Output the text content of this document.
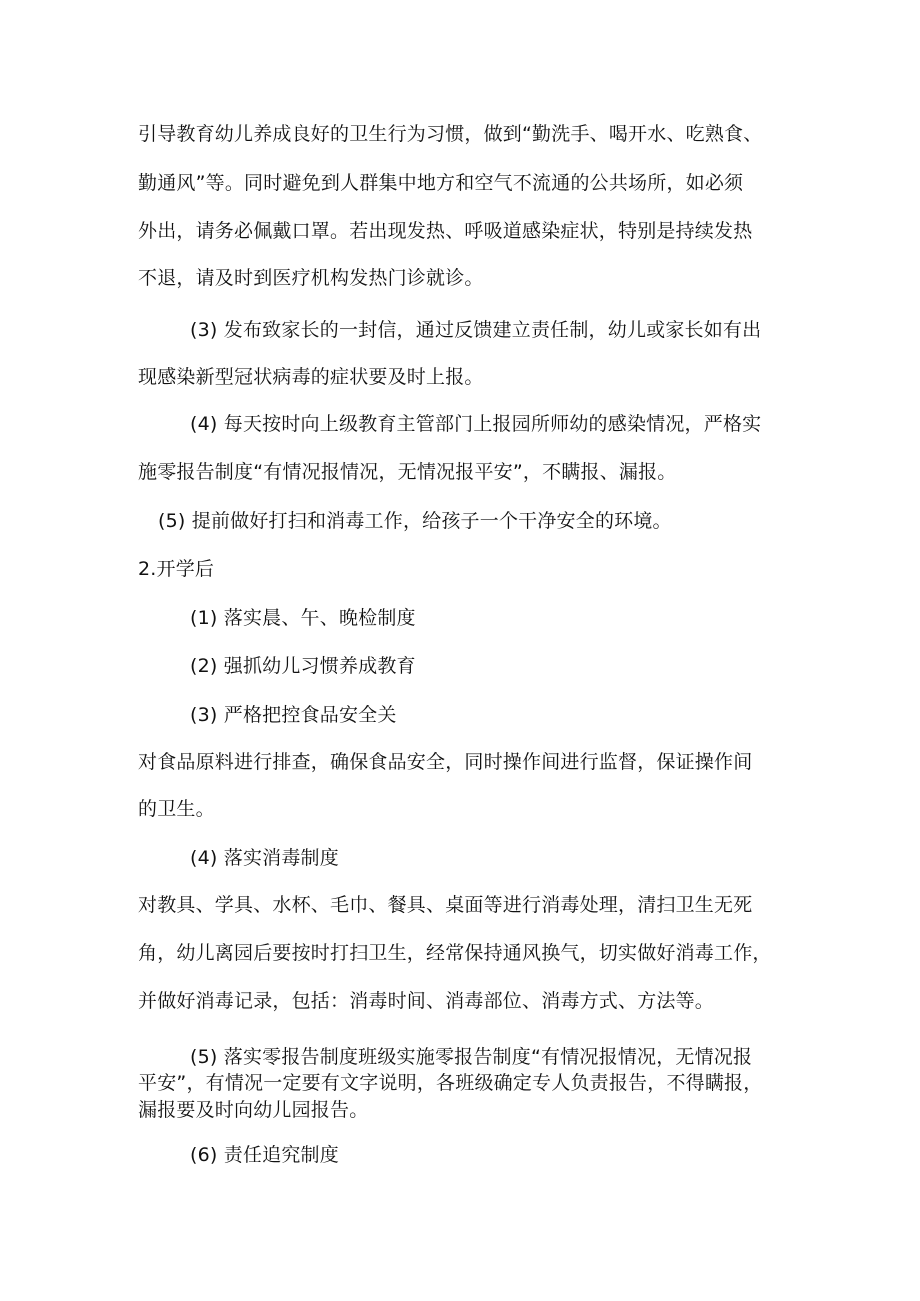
引导教育幼儿养成良好的卫生行为习惯，做到“勤洗手、喝开水、吃熟食、
勤通风”等。同时避免到人群集中地方和空气不流通的公共场所，如必须
外出，请务必佩戴口罩。若出现发热、呼吸道感染症状，特别是持续发热
不退，请及时到医疗机构发热门诊就诊。
(3) 发布致家长的一封信，通过反馈建立责任制，幼儿或家长如有出
现感染新型冠状病毒的症状要及时上报。
(4) 每天按时向上级教育主管部门上报园所师幼的感染情况，严格实
施零报告制度“有情况报情况，无情况报平安”，不瞒报、漏报。
(5) 提前做好打扫和消毒工作，给孩子一个干净安全的环境。
2.开学后
(1) 落实晨、午、晚检制度
(2) 强抓幼儿习惯养成教育
(3) 严格把控食品安全关
对食品原料进行排查，确保食品安全，同时操作间进行监督，保证操作间
的卫生。
(4) 落实消毒制度
对教具、学具、水杯、毛巾、餐具、桌面等进行消毒处理，清扫卫生无死
角，幼儿离园后要按时打扫卫生，经常保持通风换气，切实做好消毒工作，
并做好消毒记录，包括：消毒时间、消毒部位、消毒方式、方法等。
(5) 落实零报告制度班级实施零报告制度“有情况报情况，无情况报
平安”，有情况一定要有文字说明，各班级确定专人负责报告，不得瞒报，
漏报要及时向幼儿园报告。
(6) 责任追究制度
